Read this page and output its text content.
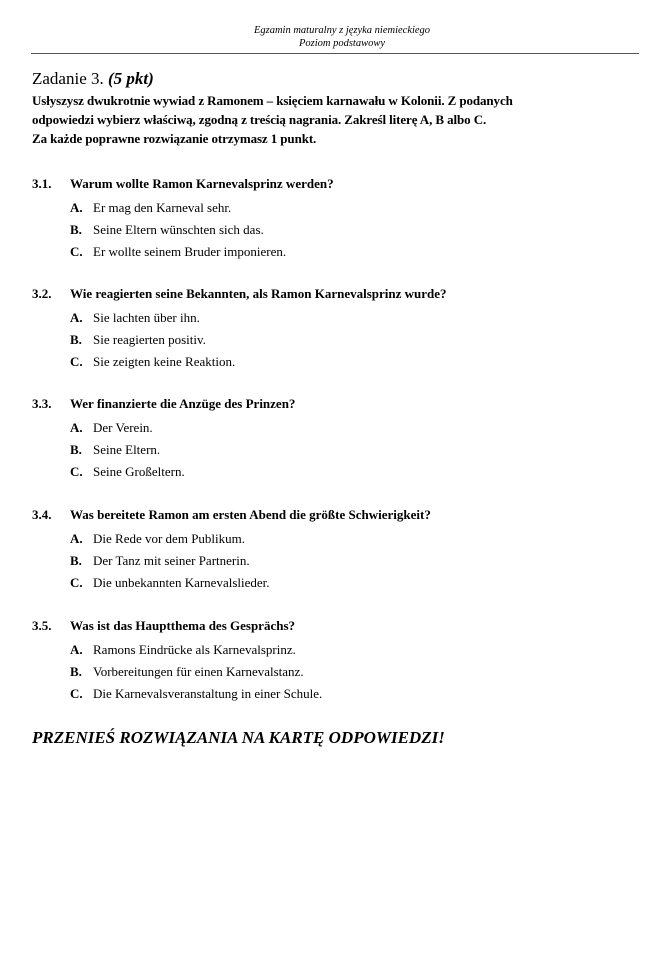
Egzamin maturalny z języka niemieckiego
Poziom podstawowy
Zadanie 3. (5 pkt)
Usłyszysz dwukrotnie wywiad z Ramonem – księciem karnawału w Kolonii. Z podanych
odpowiedzi wybierz właściwą, zgodną z treścią nagrania. Zakreśl literę A, B albo C.
Za każde poprawne rozwiązanie otrzymasz 1 punkt.
3.1. Warum wollte Ramon Karnevalsprinz werden?
A. Er mag den Karneval sehr.
B. Seine Eltern wünschten sich das.
C. Er wollte seinem Bruder imponieren.
3.2. Wie reagierten seine Bekannten, als Ramon Karnevalsprinz wurde?
A. Sie lachten über ihn.
B. Sie reagierten positiv.
C. Sie zeigten keine Reaktion.
3.3. Wer finanzierte die Anzüge des Prinzen?
A. Der Verein.
B. Seine Eltern.
C. Seine Großeltern.
3.4. Was bereitete Ramon am ersten Abend die größte Schwierigkeit?
A. Die Rede vor dem Publikum.
B. Der Tanz mit seiner Partnerin.
C. Die unbekannten Karnevalslieder.
3.5. Was ist das Hauptthema des Gesprächs?
A. Ramons Eindrücke als Karnevalsprinz.
B. Vorbereitungen für einen Karnevalstanz.
C. Die Karnevalsveranstaltung in einer Schule.
PRZENIEŚ ROZWIĄZANIA NA KARTĘ ODPOWIEDZI!
